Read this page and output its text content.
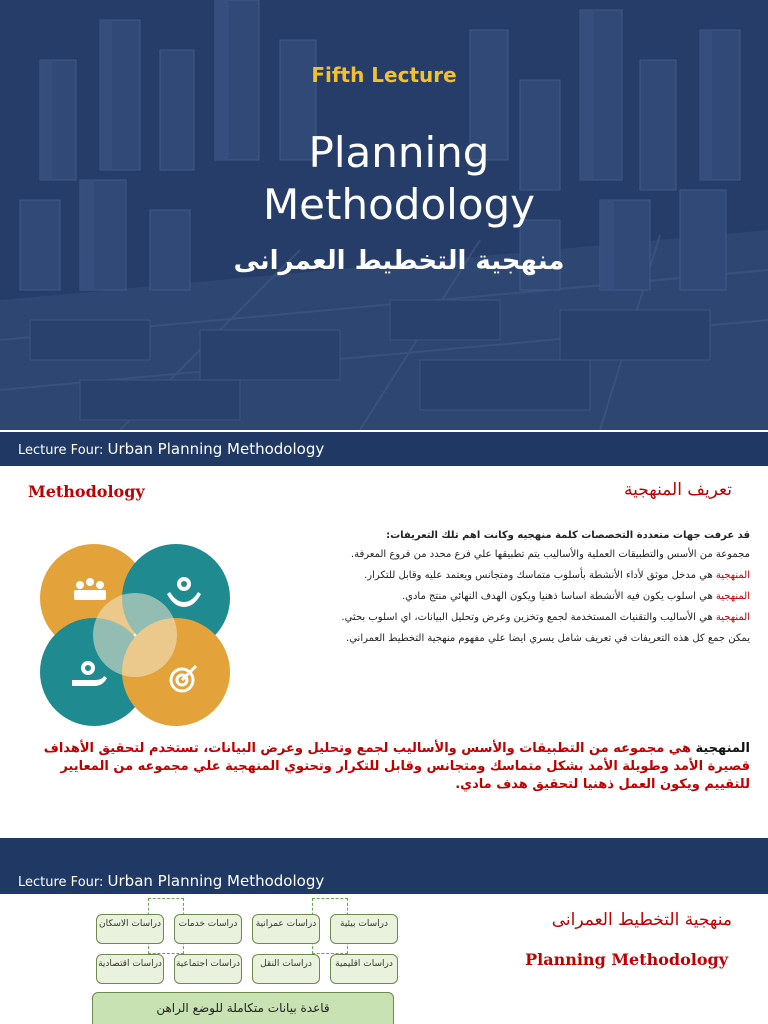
Fifth Lecture
Planning
Methodology
منهجية التخطيط العمرانى
Lecture Four: Urban Planning Methodology
Methodology	تعريف المنهجية
قد عرفت جهات متعددة التخصصات كلمة منهجيه وكانت اهم تلك التعريفات:
مجموعة من الأسس والتطبيقات العملية والأساليب يتم تطبيقها علي فرع محدد من فروع المعرفة.
المنهجية هي مدخل موثق لأداء الأنشطة بأسلوب متماسك ومتجانس ويعتمد عليه وقابل للتكرار.
المنهجية هي اسلوب يكون فيه الأنشطة اساسا ذهنيا ويكون الهدف النهائي منتج مادي.
المنهجية هي الأساليب والتقنيات المستخدمة لجمع وتخزين وعرض وتحليل البيانات، اي اسلوب بحثي.
يمكن جمع كل هذه التعريفات في تعريف شامل يسري ايضا علي مفهوم منهجية التخطيط العمراني.
المنهجية هي مجموعه من التطبيقات والأسس والأساليب لجمع وتحليل وعرض البيانات، تستخدم لتحقيق الأهداف قصيرة الأمد وطويلة الأمد بشكل متماسك ومتجانس وقابل للتكرار وتحتوي المنهجية علي مجموعه من المعايير للتقييم ويكون العمل ذهنيا لتحقيق هدف مادي.
Lecture Four: Urban Planning Methodology
منهجية التخطيط العمرانى
Planning Methodology
دراسات الاسكان	دراسات خدمات	دراسات عمرانية	دراسات بيئية
دراسات اقتصادية دراسات اجتماعية	دراسات النقل	دراسات اقليمية
قاعدة بيانات متكاملة للوضع الراهن
